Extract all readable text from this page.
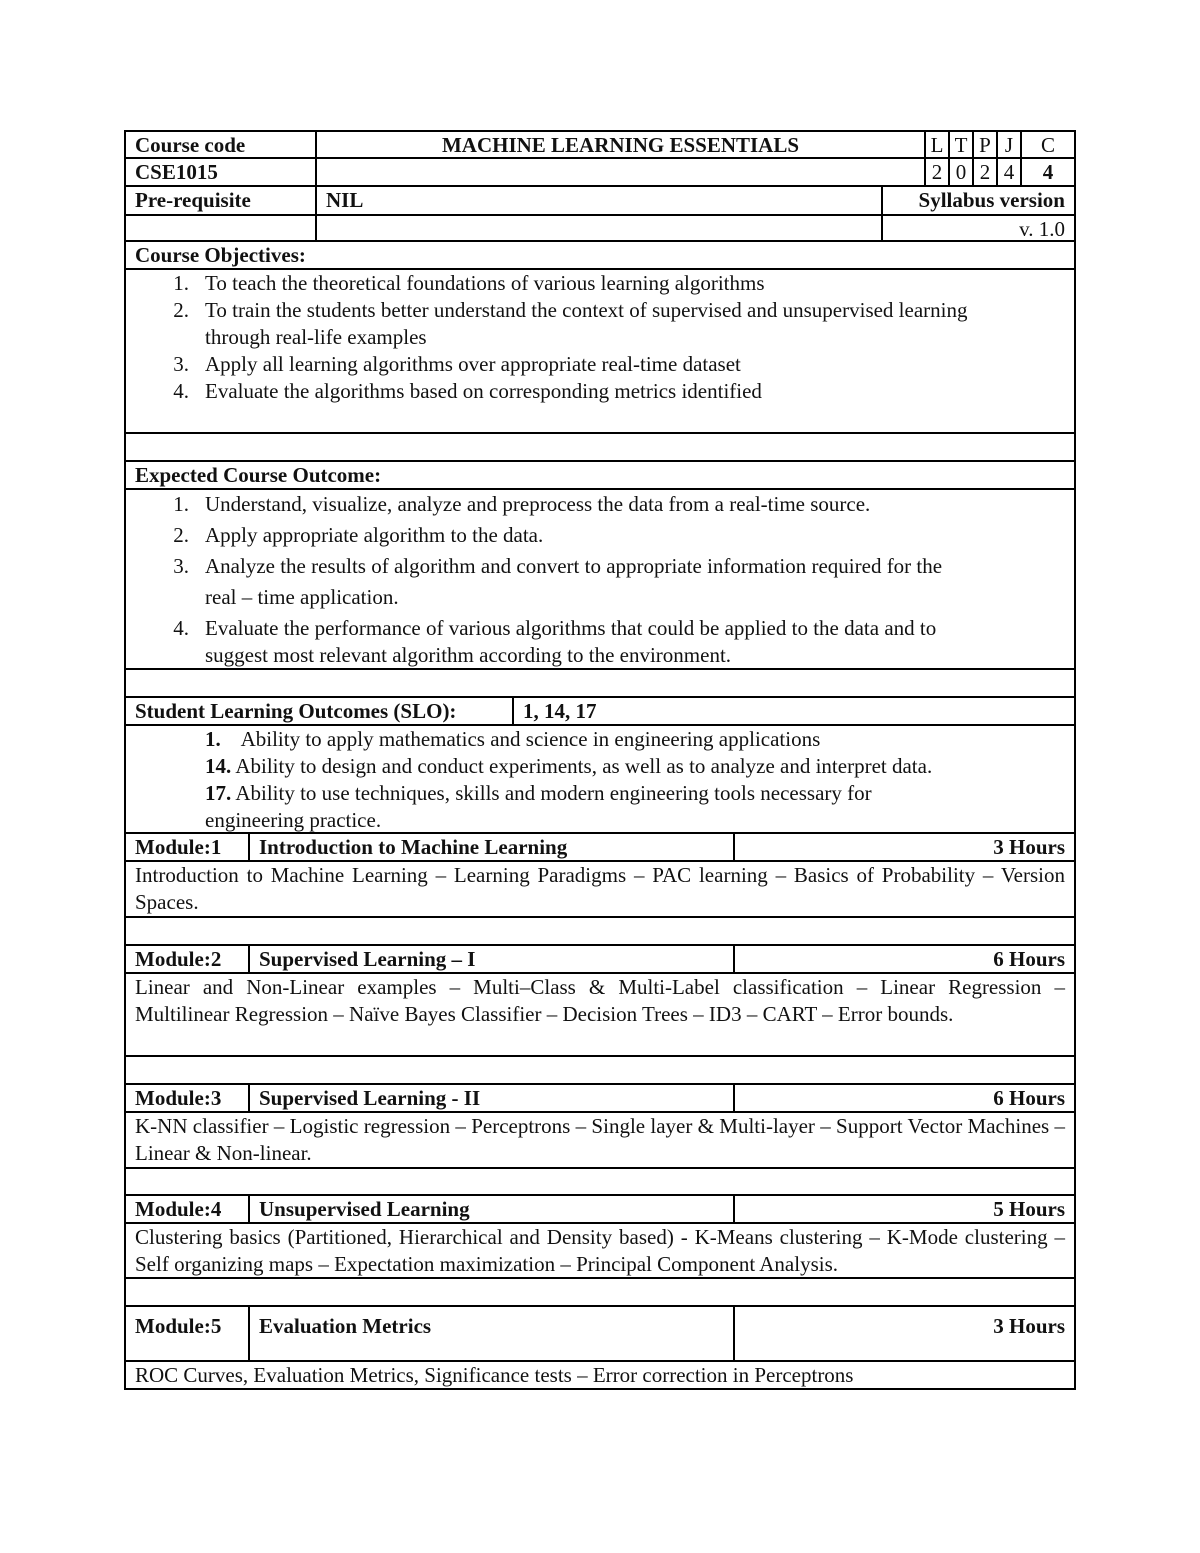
Course code	MACHINE LEARNING ESSENTIALS	L T P J	C
CSE1015	2 0 2 4	4
Pre-requisite	NIL	Syllabus version
v. 1.0
Course Objectives:
1. To teach the theoretical foundations of various learning algorithms
2. To train the students better understand the context of supervised and unsupervised learning
through real-life examples
3. Apply all learning algorithms over appropriate real-time dataset
4. Evaluate the algorithms based on corresponding metrics identified
Expected Course Outcome:
1. Understand, visualize, analyze and preprocess the data from a real-time source.
2. Apply appropriate algorithm to the data.
3. Analyze the results of algorithm and convert to appropriate information required for the
real – time application.
4. Evaluate the performance of various algorithms that could be applied to the data and to
suggest most relevant algorithm according to the environment.
Student Learning Outcomes (SLO):	1, 14, 17
1. Ability to apply mathematics and science in engineering applications
14. Ability to design and conduct experiments, as well as to analyze and interpret data.
17. Ability to use techniques, skills and modern engineering tools necessary for
engineering practice.
Module:1	Introduction to Machine Learning	3 Hours
Introduction to Machine Learning – Learning Paradigms – PAC learning – Basics of Probability – Version Spaces.
Module:2	Supervised Learning – I	6 Hours
Linear and Non-Linear examples – Multi–Class & Multi-Label classification – Linear Regression – Multilinear Regression – Naïve Bayes Classifier – Decision Trees – ID3 – CART – Error bounds.
Module:3	Supervised Learning - II	6 Hours
K-NN classifier – Logistic regression – Perceptrons – Single layer & Multi-layer – Support Vector Machines – Linear & Non-linear.
Module:4	Unsupervised Learning	5 Hours
Clustering basics (Partitioned, Hierarchical and Density based) - K-Means clustering – K-Mode clustering – Self organizing maps – Expectation maximization – Principal Component Analysis.
Module:5	Evaluation Metrics	3 Hours
ROC Curves, Evaluation Metrics, Significance tests – Error correction in Perceptrons
